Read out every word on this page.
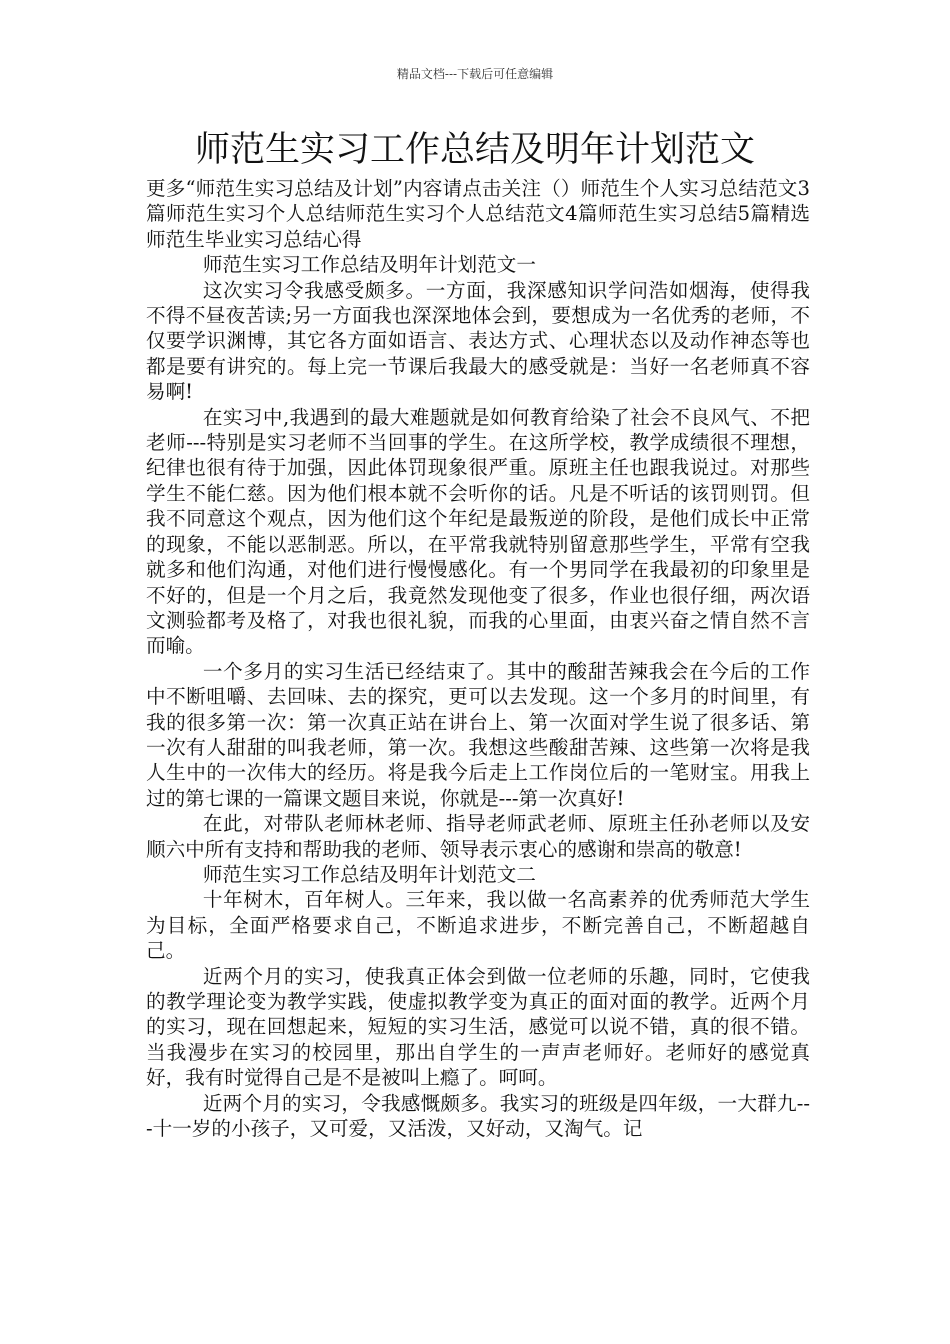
精品文档---下载后可任意编辑
师范生实习工作总结及明年计划范文

更多“师范生实习总结及计划”内容请点击关注（）师范生个人实习总结范文3篇师范生实习个人总结师范生实习个人总结范文4篇师范生实习总结5篇精选师范生毕业实习总结心得

师范生实习工作总结及明年计划范文一

这次实习令我感受颇多。一方面，我深感知识学问浩如烟海，使得我不得不昼夜苦读;另一方面我也深深地体会到，要想成为一名优秀的老师，不仅要学识渊博，其它各方面如语言、表达方式、心理状态以及动作神态等也都是要有讲究的。每上完一节课后我最大的感受就是：当好一名老师真不容易啊!

在实习中,我遇到的最大难题就是如何教育给染了社会不良风气、不把老师---特别是实习老师不当回事的学生。在这所学校，教学成绩很不理想，纪律也很有待于加强，因此体罚现象很严重。原班主任也跟我说过。对那些学生不能仁慈。因为他们根本就不会听你的话。凡是不听话的该罚则罚。但我不同意这个观点，因为他们这个年纪是最叛逆的阶段，是他们成长中正常的现象，不能以恶制恶。所以，在平常我就特别留意那些学生，平常有空我就多和他们沟通，对他们进行慢慢感化。有一个男同学在我最初的印象里是不好的，但是一个月之后，我竟然发现他变了很多，作业也很仔细，两次语文测验都考及格了，对我也很礼貌，而我的心里面，由衷兴奋之情自然不言而喻。

一个多月的实习生活已经结束了。其中的酸甜苦辣我会在今后的工作中不断咀嚼、去回味、去的探究，更可以去发现。这一个多月的时间里，有我的很多第一次：第一次真正站在讲台上、第一次面对学生说了很多话、第一次有人甜甜的叫我老师，第一次。我想这些酸甜苦辣、这些第一次将是我人生中的一次伟大的经历。将是我今后走上工作岗位后的一笔财宝。用我上过的第七课的一篇课文题目来说，你就是---第一次真好!

在此，对带队老师林老师、指导老师武老师、原班主任孙老师以及安顺六中所有支持和帮助我的老师、领导表示衷心的感谢和崇高的敬意!

师范生实习工作总结及明年计划范文二

十年树木，百年树人。三年来，我以做一名高素养的优秀师范大学生为目标，全面严格要求自己，不断追求进步，不断完善自己，不断超越自己。

近两个月的实习，使我真正体会到做一位老师的乐趣，同时，它使我的教学理论变为教学实践，使虚拟教学变为真正的面对面的教学。近两个月的实习，现在回想起来，短短的实习生活，感觉可以说不错，真的很不错。当我漫步在实习的校园里，那出自学生的一声声老师好。老师好的感觉真好，我有时觉得自己是不是被叫上瘾了。呵呵。

近两个月的实习，令我感慨颇多。我实习的班级是四年级，一大群九---十一岁的小孩子，又可爱，又活泼，又好动，又淘气。记
